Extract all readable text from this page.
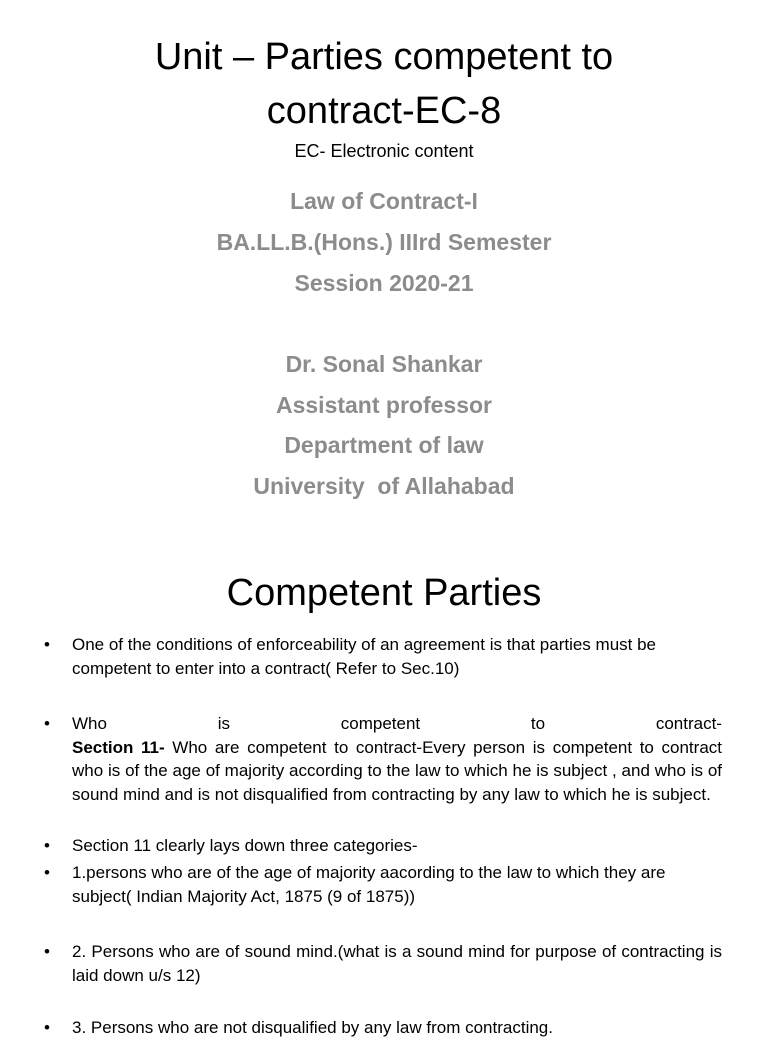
Unit – Parties competent to
contract-EC-8
EC- Electronic content
Law of Contract-I
BA.LL.B.(Hons.) IIIrd Semester
Session 2020-21
Dr. Sonal Shankar
Assistant professor
Department of law
University  of Allahabad
Competent Parties
• One of the conditions of enforceability of an agreement is that parties must be competent to enter into a contract( Refer to Sec.10)
• Who	is	competent	to	contract-
Section 11- Who are competent to contract-Every person is competent to contract who is of the age of majority according to the law to which he is subject , and who is of sound mind and is not disqualified from contracting by any law to which he is subject.
• Section 11 clearly lays down three categories-
• 1.persons who are of the age of majority aacording to the law to which they are subject( Indian Majority Act, 1875 (9 of 1875))
• 2. Persons who are of sound mind.(what is a sound mind for purpose of contracting is laid down u/s 12)
• 3. Persons who are not disqualified by any law from contracting.
